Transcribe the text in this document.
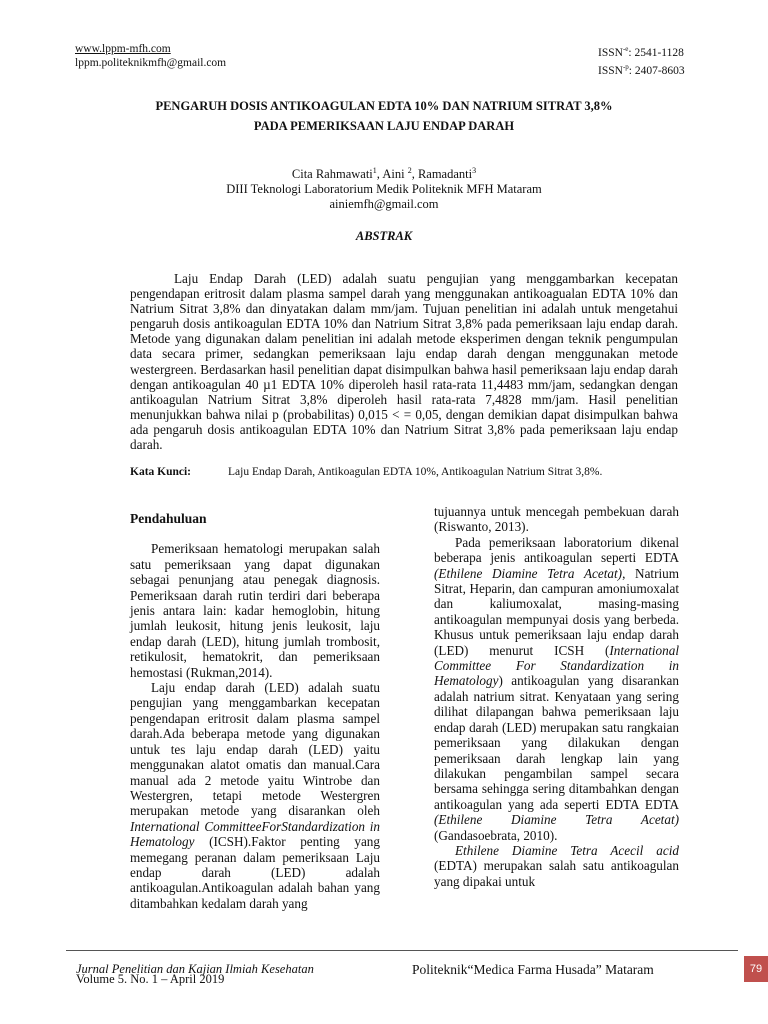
www.lppm-mfh.com
lppm.politeknikmfh@gmail.com
$ISSN^{-e}$: 2541-1128
$ISSN^{-p}$: 2407-8603
PENGARUH DOSIS ANTIKOAGULAN EDTA 10% DAN NATRIUM SITRAT 3,8%
PADA PEMERIKSAAN LAJU ENDAP DARAH
Cita Rahmawati$^1$, Aini $^2$, Ramadanti$^3$
DIII Teknologi Laboratorium Medik Politeknik MFH Mataram
ainiemfh@gmail.com
ABSTRAK

Laju Endap Darah (LED) adalah suatu pengujian yang menggambarkan kecepatan pengendapan eritrosit dalam plasma sampel darah yang menggunakan antikoagualan EDTA 10% dan Natrium Sitrat 3,8% dan dinyatakan dalam mm/jam. Tujuan penelitian ini adalah untuk mengetahui pengaruh dosis antikoagulan EDTA 10% dan Natrium Sitrat 3,8% pada pemeriksaan laju endap darah. Metode yang digunakan dalam penelitian ini adalah metode eksperimen dengan teknik pengumpulan data secara primer, sedangkan pemeriksaan laju endap darah dengan menggunakan metode westergreen. Berdasarkan hasil penelitian dapat disimpulkan bahwa hasil pemeriksaan laju endap darah dengan antikoagulan 40 µ1 EDTA 10% diperoleh hasil rata-rata 11,4483 mm/jam, sedangkan dengan antikoagulan Natrium Sitrat 3,8% diperoleh hasil rata-rata 7,4828 mm/jam. Hasil penelitian menunjukkan bahwa nilai p (probabilitas) 0,015 < = 0,05, dengan demikian dapat disimpulkan bahwa ada pengaruh dosis antikoagulan EDTA 10% dan Natrium Sitrat 3,8% pada pemeriksaan laju endap darah.

Kata Kunci:	Laju Endap Darah, Antikoagulan EDTA 10%, Antikoagulan Natrium Sitrat 3,8%.
Pendahuluan

Pemeriksaan hematologi merupakan salah satu pemeriksaan yang dapat digunakan sebagai penunjang atau penegak diagnosis. Pemeriksaan darah rutin terdiri dari beberapa jenis antara lain: kadar hemoglobin, hitung jumlah leukosit, hitung jenis leukosit, laju endap darah (LED), hitung jumlah trombosit, retikulosit, hematokrit, dan pemeriksaan hemostasi (Rukman,2014).

Laju endap darah (LED) adalah suatu pengujian yang menggambarkan kecepatan pengendapan eritrosit dalam plasma sampel darah.Ada beberapa metode yang digunakan untuk tes laju endap darah (LED) yaitu menggunakan alatot omatis dan manual.Cara manual ada 2 metode yaitu Wintrobe dan Westergren, tetapi metode Westergren merupakan metode yang disarankan oleh International CommitteeForStandardization in Hematology (ICSH).Faktor penting yang memegang peranan dalam pemeriksaan Laju endap darah (LED) adalah antikoagulan.Antikoagulan adalah bahan yang ditambahkan kedalam darah yang

tujuannya untuk mencegah pembekuan darah (Riswanto, 2013).

Pada pemeriksaan laboratorium dikenal beberapa jenis antikoagulan seperti EDTA (Ethilene Diamine Tetra Acetat), Natrium Sitrat, Heparin, dan campuran amoniumoxalat dan kaliumoxalat, masing-masing antikoagulan mempunyai dosis yang berbeda. Khusus untuk pemeriksaan laju endap darah (LED) menurut ICSH (International Committee For Standardization in Hematology) antikoagulan yang disarankan adalah natrium sitrat. Kenyataan yang sering dilihat dilapangan bahwa pemeriksaan laju endap darah (LED) merupakan satu rangkaian pemeriksaan yang dilakukan dengan pemeriksaan darah lengkap lain yang dilakukan pengambilan sampel secara bersama sehingga sering ditambahkan dengan antikoagulan yang ada seperti EDTA EDTA (Ethilene Diamine Tetra Acetat) (Gandasoebrata, 2010).

Ethilene Diamine Tetra Acecil acid (EDTA) merupakan salah satu antikoagulan yang dipakai untuk

Jurnal Penelitian dan Kajian Ilmiah Kesehatan
Volume 5. No. 1 – April 2019
Politeknik“Medica Farma Husada” Mataram	79
